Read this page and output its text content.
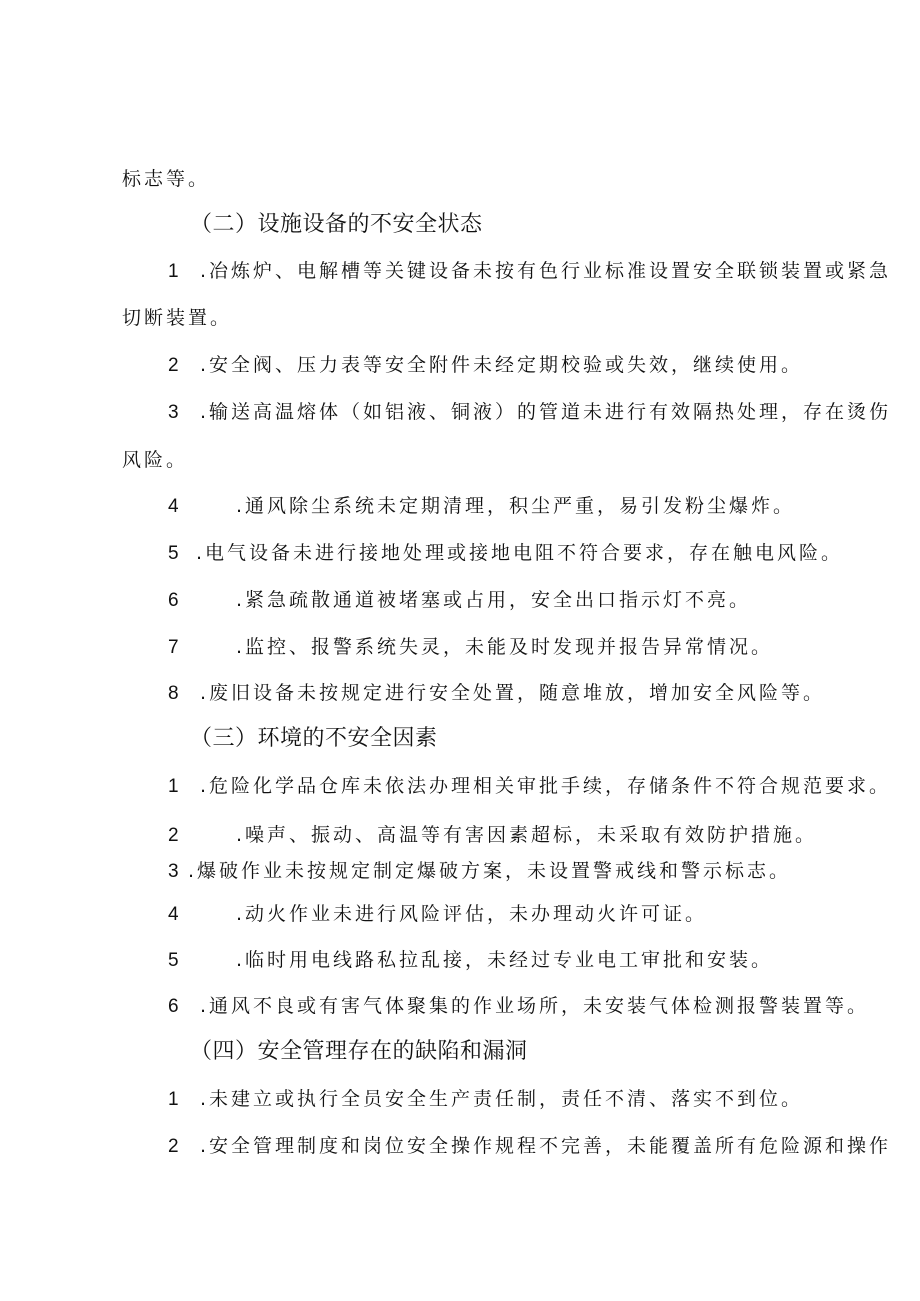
标志等。
（二）设施设备的不安全状态
1 .冶炼炉、电解槽等关键设备未按有色行业标准设置安全联锁装置或紧急
切断装置。
2 .安全阀、压力表等安全附件未经定期校验或失效，继续使用。
3 .输送高温熔体（如铝液、铜液）的管道未进行有效隔热处理，存在烫伤
风险。
4	.通风除尘系统未定期清理，积尘严重，易引发粉尘爆炸。
5 .电气设备未进行接地处理或接地电阻不符合要求，存在触电风险。
6	.紧急疏散通道被堵塞或占用，安全出口指示灯不亮。
7	.监控、报警系统失灵，未能及时发现并报告异常情况。
8 .废旧设备未按规定进行安全处置，随意堆放，增加安全风险等。
（三）环境的不安全因素
1 .危险化学品仓库未依法办理相关审批手续，存储条件不符合规范要求。
2	.噪声、振动、高温等有害因素超标，未采取有效防护措施。
3 .爆破作业未按规定制定爆破方案，未设置警戒线和警示标志。
4	.动火作业未进行风险评估，未办理动火许可证。
5	.临时用电线路私拉乱接，未经过专业电工审批和安装。
6 .通风不良或有害气体聚集的作业场所，未安装气体检测报警装置等。
（四）安全管理存在的缺陷和漏洞
1 .未建立或执行全员安全生产责任制，责任不清、落实不到位。
2 .安全管理制度和岗位安全操作规程不完善，未能覆盖所有危险源和操作
